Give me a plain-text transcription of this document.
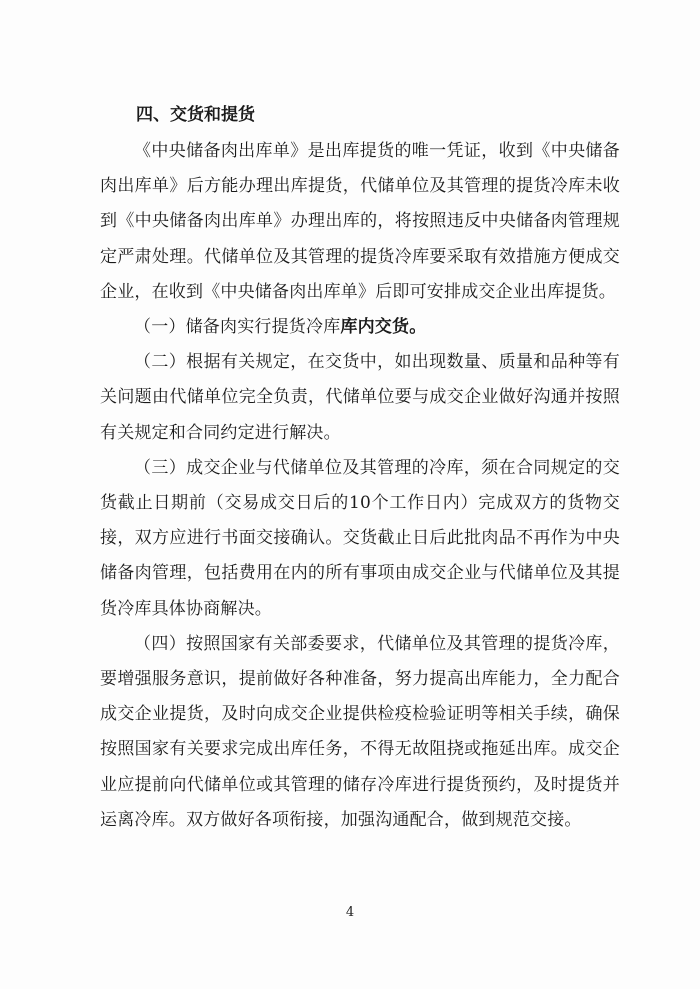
四、交货和提货

《中央储备肉出库单》是出库提货的唯一凭证，收到《中央储备肉出库单》后方能办理出库提货，代储单位及其管理的提货冷库未收到《中央储备肉出库单》办理出库的，将按照违反中央储备肉管理规定严肃处理。代储单位及其管理的提货冷库要采取有效措施方便成交企业，在收到《中央储备肉出库单》后即可安排成交企业出库提货。

（一）储备肉实行提货冷库库内交货。

（二）根据有关规定，在交货中，如出现数量、质量和品种等有关问题由代储单位完全负责，代储单位要与成交企业做好沟通并按照有关规定和合同约定进行解决。

（三）成交企业与代储单位及其管理的冷库，须在合同规定的交货截止日期前（交易成交日后的10个工作日内）完成双方的货物交接，双方应进行书面交接确认。交货截止日后此批肉品不再作为中央储备肉管理，包括费用在内的所有事项由成交企业与代储单位及其提货冷库具体协商解决。

（四）按照国家有关部委要求，代储单位及其管理的提货冷库，要增强服务意识，提前做好各种准备，努力提高出库能力，全力配合成交企业提货，及时向成交企业提供检疫检验证明等相关手续，确保按照国家有关要求完成出库任务，不得无故阻挠或拖延出库。成交企业应提前向代储单位或其管理的储存冷库进行提货预约，及时提货并运离冷库。双方做好各项衔接，加强沟通配合，做到规范交接。

4
